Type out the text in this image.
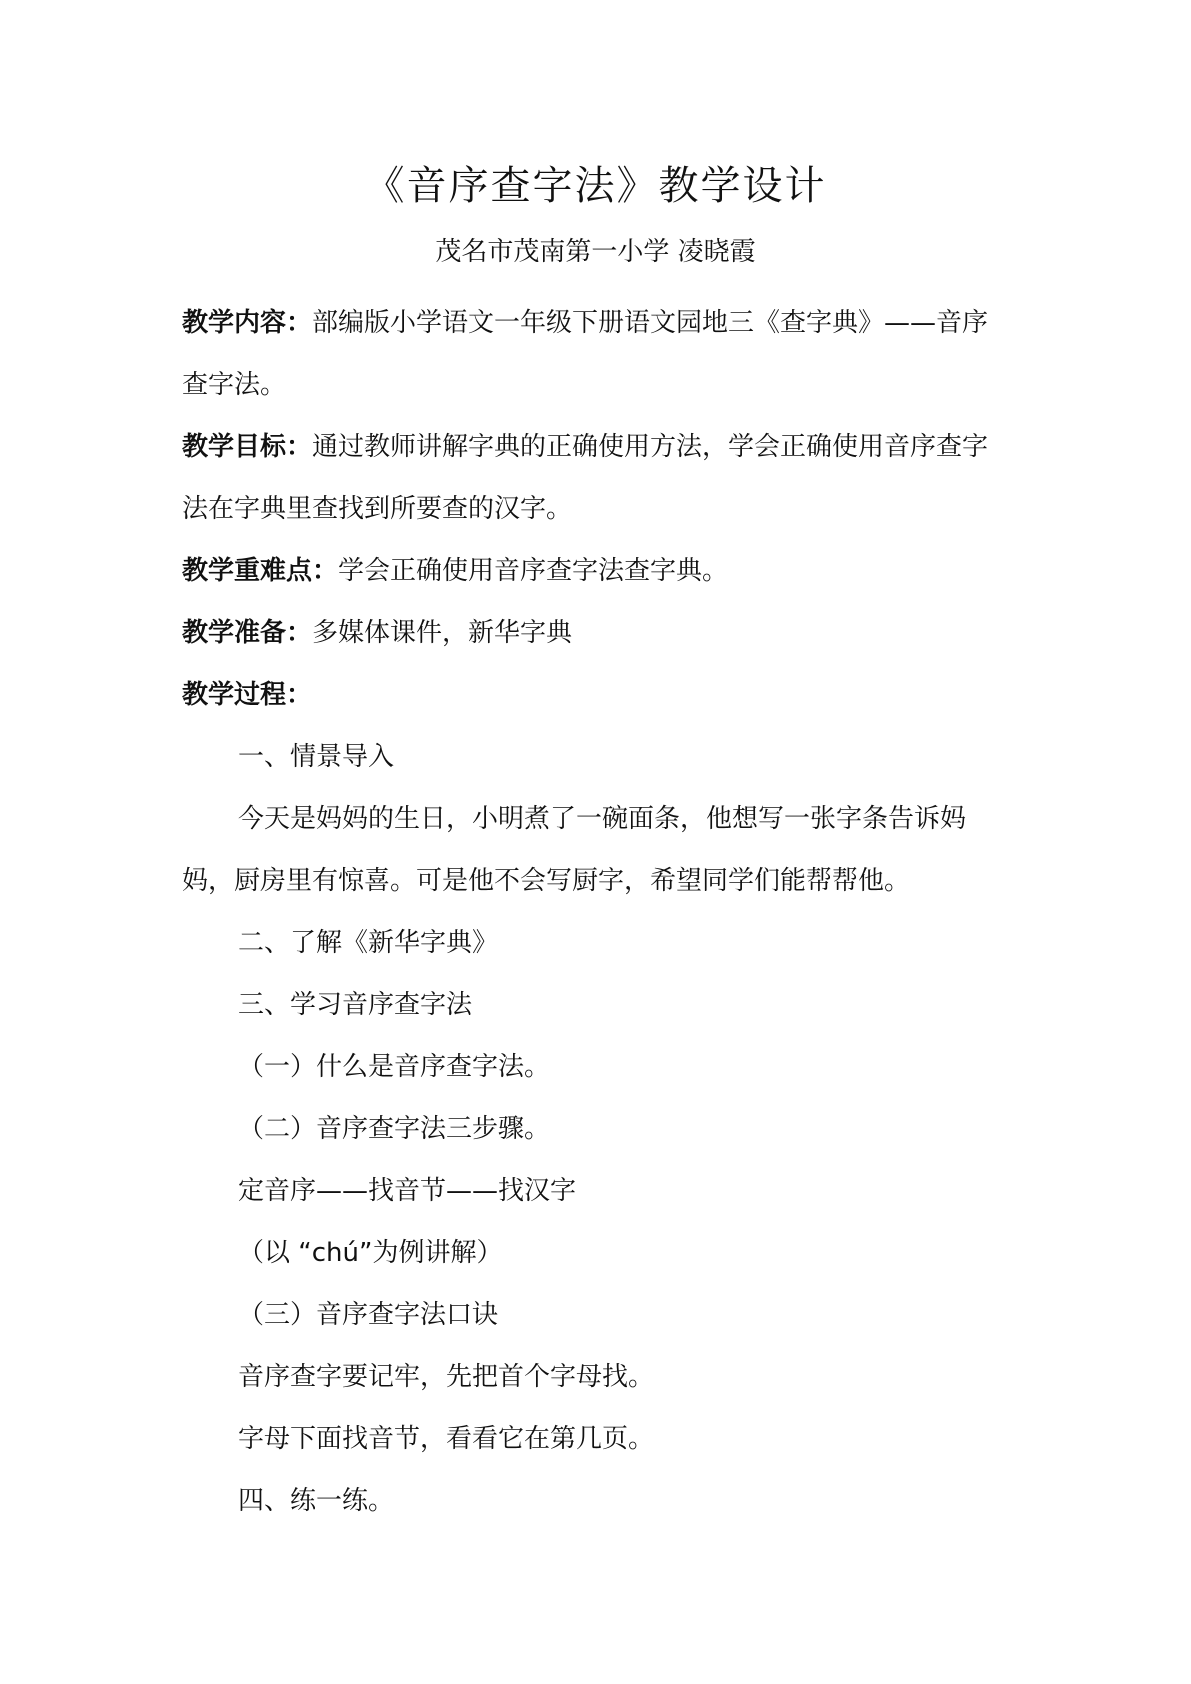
《音序查字法》教学设计
茂名市茂南第一小学 凌晓霞

教学内容：部编版小学语文一年级下册语文园地三《查字典》——音序查字法。

教学目标：通过教师讲解字典的正确使用方法，学会正确使用音序查字法在字典里查找到所要查的汉字。

教学重难点：学会正确使用音序查字法查字典。

教学准备：多媒体课件，新华字典

教学过程：

一、情景导入

今天是妈妈的生日，小明煮了一碗面条，他想写一张字条告诉妈妈，厨房里有惊喜。可是他不会写厨字，希望同学们能帮帮他。

二、了解《新华字典》

三、学习音序查字法

（一）什么是音序查字法。

（二）音序查字法三步骤。

定音序——找音节——找汉字

（以 “chú”为例讲解）

（三）音序查字法口诀

音序查字要记牢，先把首个字母找。

字母下面找音节，看看它在第几页。

四、练一练。
